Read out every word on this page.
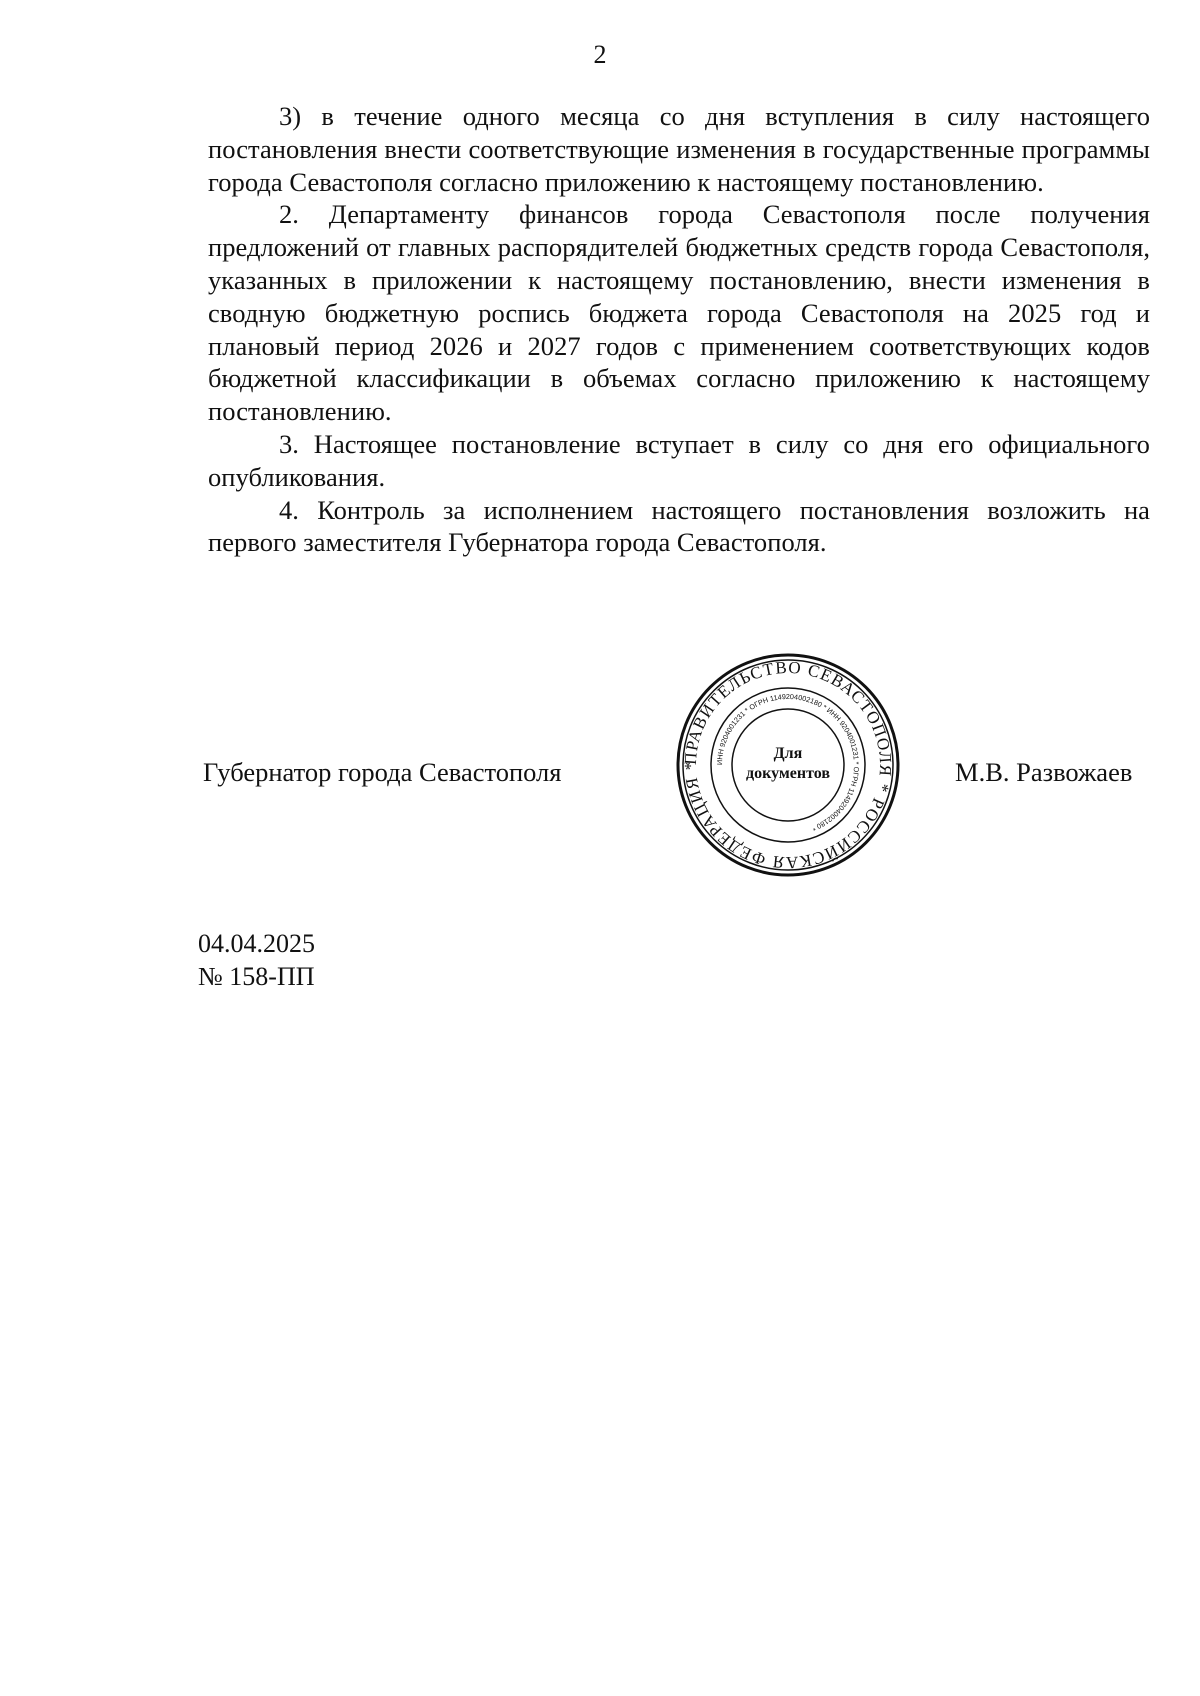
2

3) в течение одного месяца со дня вступления в силу настоящего постановления внести соответствующие изменения в государственные программы города Севастополя согласно приложению к настоящему постановлению.

2. Департаменту финансов города Севастополя после получения предложений от главных распорядителей бюджетных средств города Севастополя, указанных в приложении к настоящему постановлению, внести изменения в сводную бюджетную роспись бюджета города Севастополя на 2025 год и плановый период 2026 и 2027 годов с применением соответствующих кодов бюджетной классификации в объемах согласно приложению к настоящему постановлению.

3. Настоящее постановление вступает в силу со дня его официального опубликования.

4. Контроль за исполнением настоящего постановления возложить на первого заместителя Губернатора города Севастополя.

Губернатор города Севастополя	ПРАВИТЕЛЬСТВО СЕВАСТОПОЛЯ * РОССИЙСКАЯ ФЕДЕРАЦИЯ *	ИНН 9204001231 * ОГРН 1149204002180 * ИНН 9204001231 * ОГРН 1149204002180 *
Для
документов	М.В. Развожаев
04.04.2025
№ 158-ПП
